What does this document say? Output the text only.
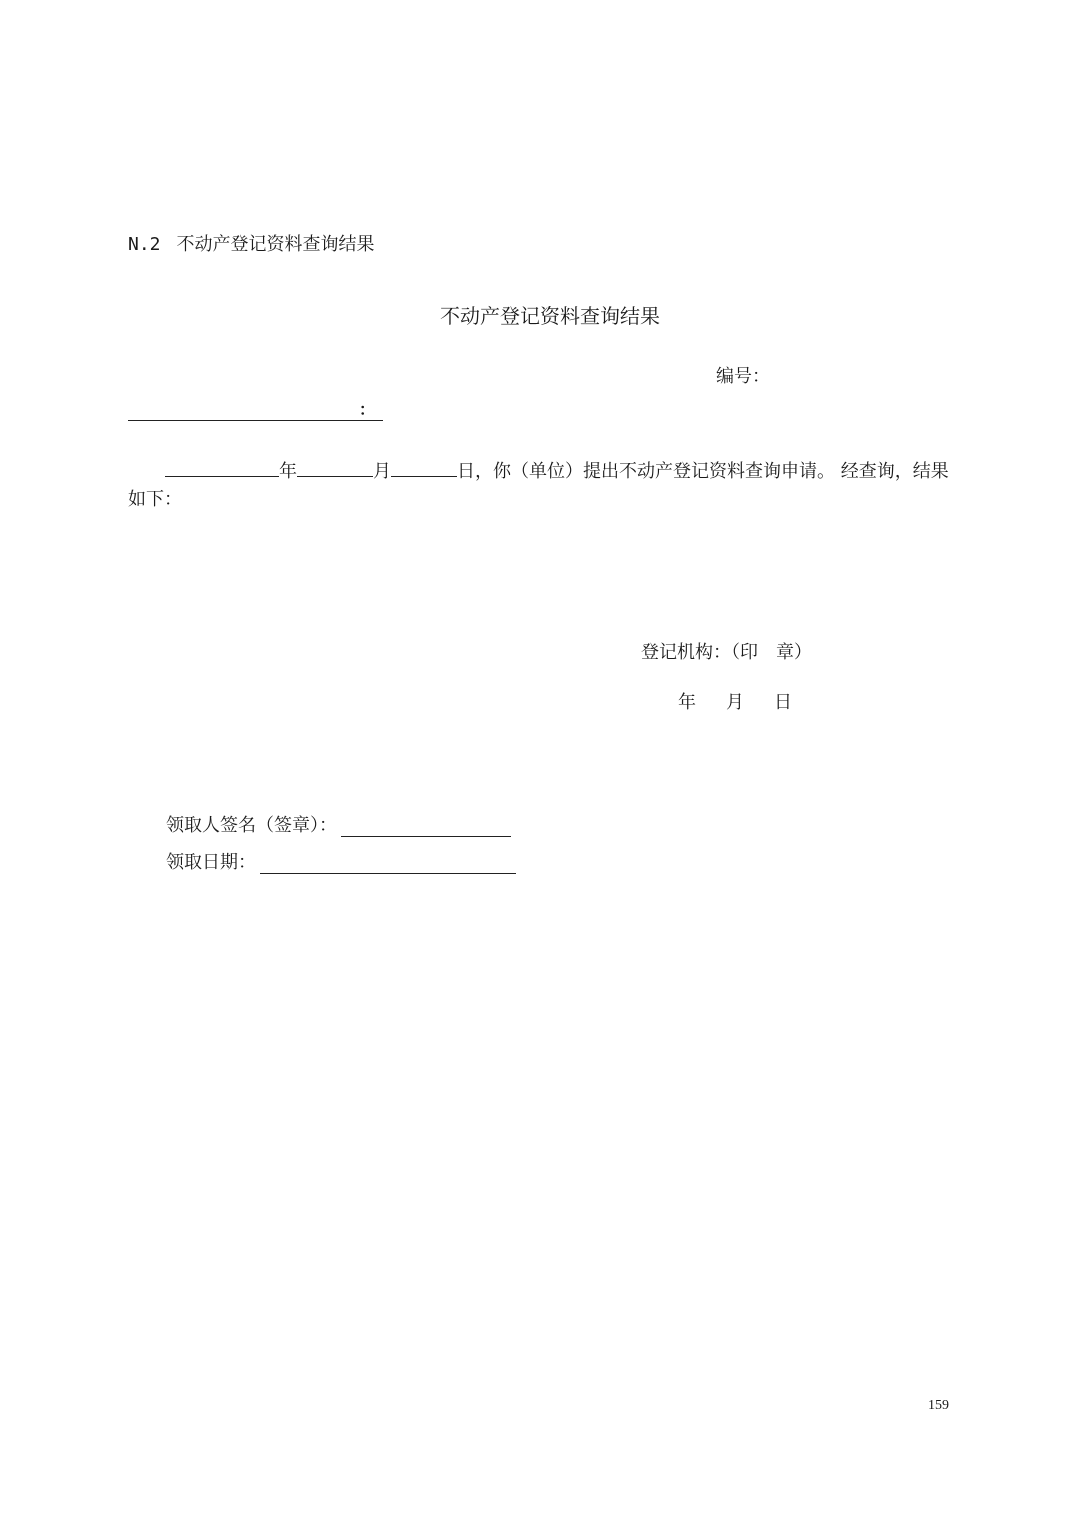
N.2 不动产登记资料查询结果
不动产登记资料查询结果
编号：
：
年	月	日，你（单位）提出不动产登记资料查询申请。 经查询，结果
如下：
登记机构：（印　章）
年 月 日
领取人签名（签章）：
领取日期：
159
